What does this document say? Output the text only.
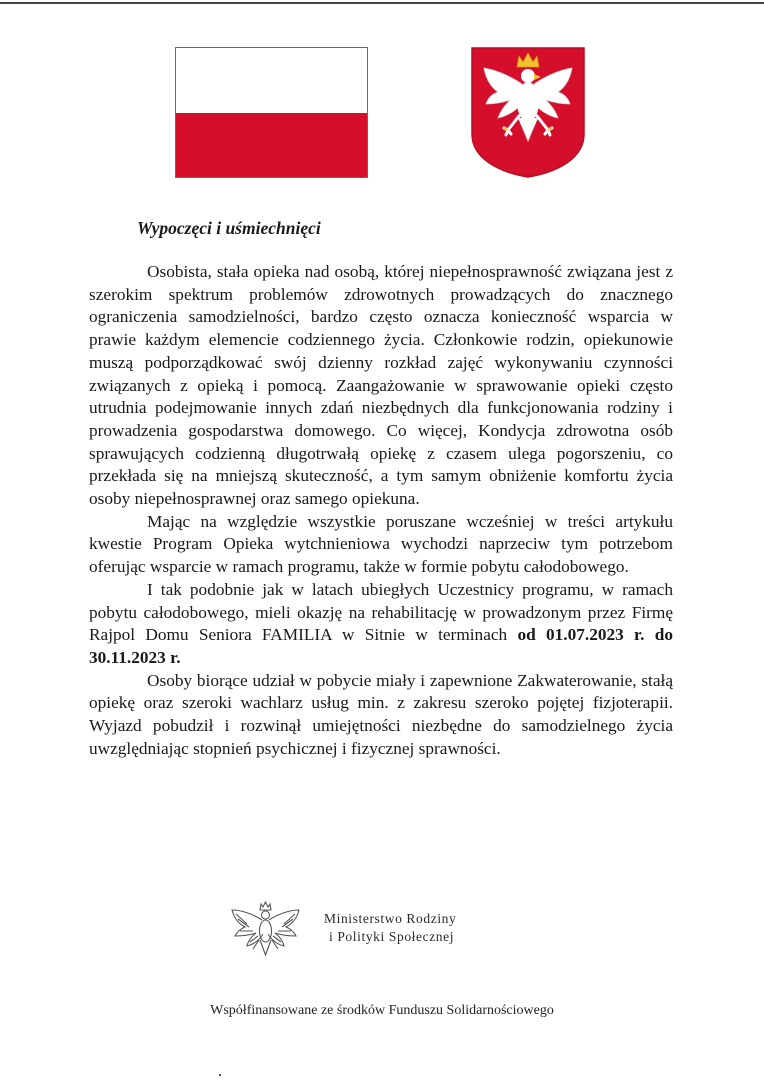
Wypoczęci i uśmiechnięci

Osobista, stała opieka nad osobą, której niepełnosprawność związana jest z szerokim spektrum problemów zdrowotnych prowadzących do znacznego ograniczenia samodzielności, bardzo często oznacza konieczność wsparcia w prawie każdym elemencie codziennego życia. Członkowie rodzin, opiekunowie muszą podporządkować swój dzienny rozkład zajęć wykonywaniu czynności związanych z opieką i pomocą. Zaangażowanie w sprawowanie opieki często utrudnia podejmowanie innych zdań niezbędnych dla funkcjonowania rodziny i prowadzenia gospodarstwa domowego. Co więcej, Kondycja zdrowotna osób sprawujących codzienną długotrwałą opiekę z czasem ulega pogorszeniu, co przekłada się na mniejszą skuteczność, a tym samym obniżenie komfortu życia osoby niepełnosprawnej oraz samego opiekuna.

Mając na względzie wszystkie poruszane wcześniej w treści artykułu kwestie Program Opieka wytchnieniowa wychodzi naprzeciw tym potrzebom oferując wsparcie w ramach programu, także w formie pobytu całodobowego.

I tak podobnie jak w latach ubiegłych Uczestnicy programu, w ramach pobytu całodobowego, mieli okazję na rehabilitację w prowadzonym przez Firmę Rajpol Domu Seniora FAMILIA w Sitnie w terminach od 01.07.2023 r. do 30.11.2023 r.

Osoby biorące udział w pobycie miały i zapewnione Zakwaterowanie, stałą opiekę oraz szeroki wachlarz usług min. z zakresu szeroko pojętej fizjoterapii. Wyjazd pobudził i rozwinął umiejętności niezbędne do samodzielnego życia uwzględniając stopnień psychicznej i fizycznej sprawności.

Ministerstwo Rodziny
i Polityki Społecznej
Współfinansowane ze środków Funduszu Solidarnościowego
